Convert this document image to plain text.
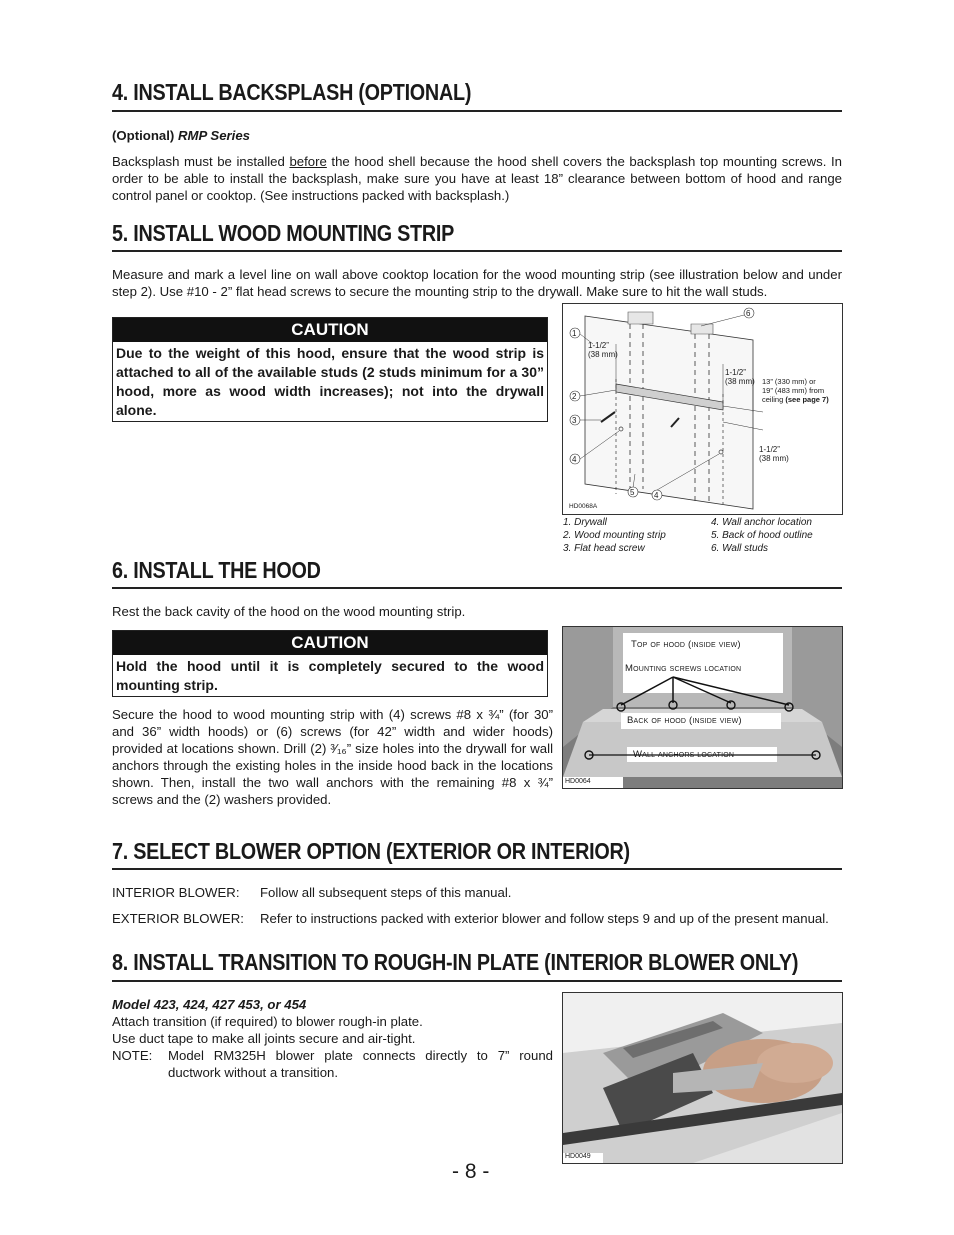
4. INSTALL BACKSPLASH (OPTIONAL)
(Optional) RMP Series
Backsplash must be installed before the hood shell because the hood shell covers the backsplash top mounting screws. In order to be able to install the backsplash, make sure you have at least 18” clearance between bottom of hood and range control panel or cooktop. (See instructions packed with backsplash.)
5. INSTALL WOOD MOUNTING STRIP
Measure and mark a level line on wall above cooktop location for the wood mounting strip (see illustration below and under step 2). Use #10 - 2” flat head screws to secure the mounting strip to the drywall. Make sure to hit the wall studs.
CAUTION
Due to the weight of this hood, ensure that the wood strip is attached to all of the available studs (2 studs minimum for a 30” hood, more as wood width increases); not into the drywall alone.
1
2
3
4
5 4
6
1-1/2”
(38 mm)
1-1/2”
(38 mm) 13” (330 mm) or
19” (483 mm) from
ceiling (see page 7)
1-1/2”
(38 mm)
HD0068A
1. Drywall
2. Wood mounting strip
3. Flat head screw
4. Wall anchor location
5. Back of hood outline
6. Wall studs
6. INSTALL THE HOOD
Rest the back cavity of the hood on the wood mounting strip.
CAUTION
Hold the hood until it is completely secured to the wood mounting strip.
Secure the hood to wood mounting strip with (4) screws #8 x ¾” (for 30” and 36” width hoods) or (6) screws (for 42” width and wider hoods) provided at locations shown. Drill (2) ³⁄₁₆” size holes into the drywall for wall anchors through the existing holes in the inside hood back in the locations shown. Then, install the two wall anchors with the remaining #8 x ¾” screws and the (2) washers provided.
Top of hood (inside view)
Mounting screws location
Back of hood (inside view)
Wall anchors location
HD0064
7. SELECT BLOWER OPTION (EXTERIOR OR INTERIOR)
INTERIOR BLOWER: Follow all subsequent steps of this manual.
EXTERIOR BLOWER: Refer to instructions packed with exterior blower and follow steps 9 and up of the present manual.
8. INSTALL TRANSITION TO ROUGH-IN PLATE (INTERIOR BLOWER ONLY)
Model 423, 424, 427 453, or 454
Attach transition (if required) to blower rough-in plate.
Use duct tape to make all joints secure and air-tight.
NOTE: Model RM325H blower plate connects directly to 7” round ductwork without a transition.
HD0049
- 8 -
